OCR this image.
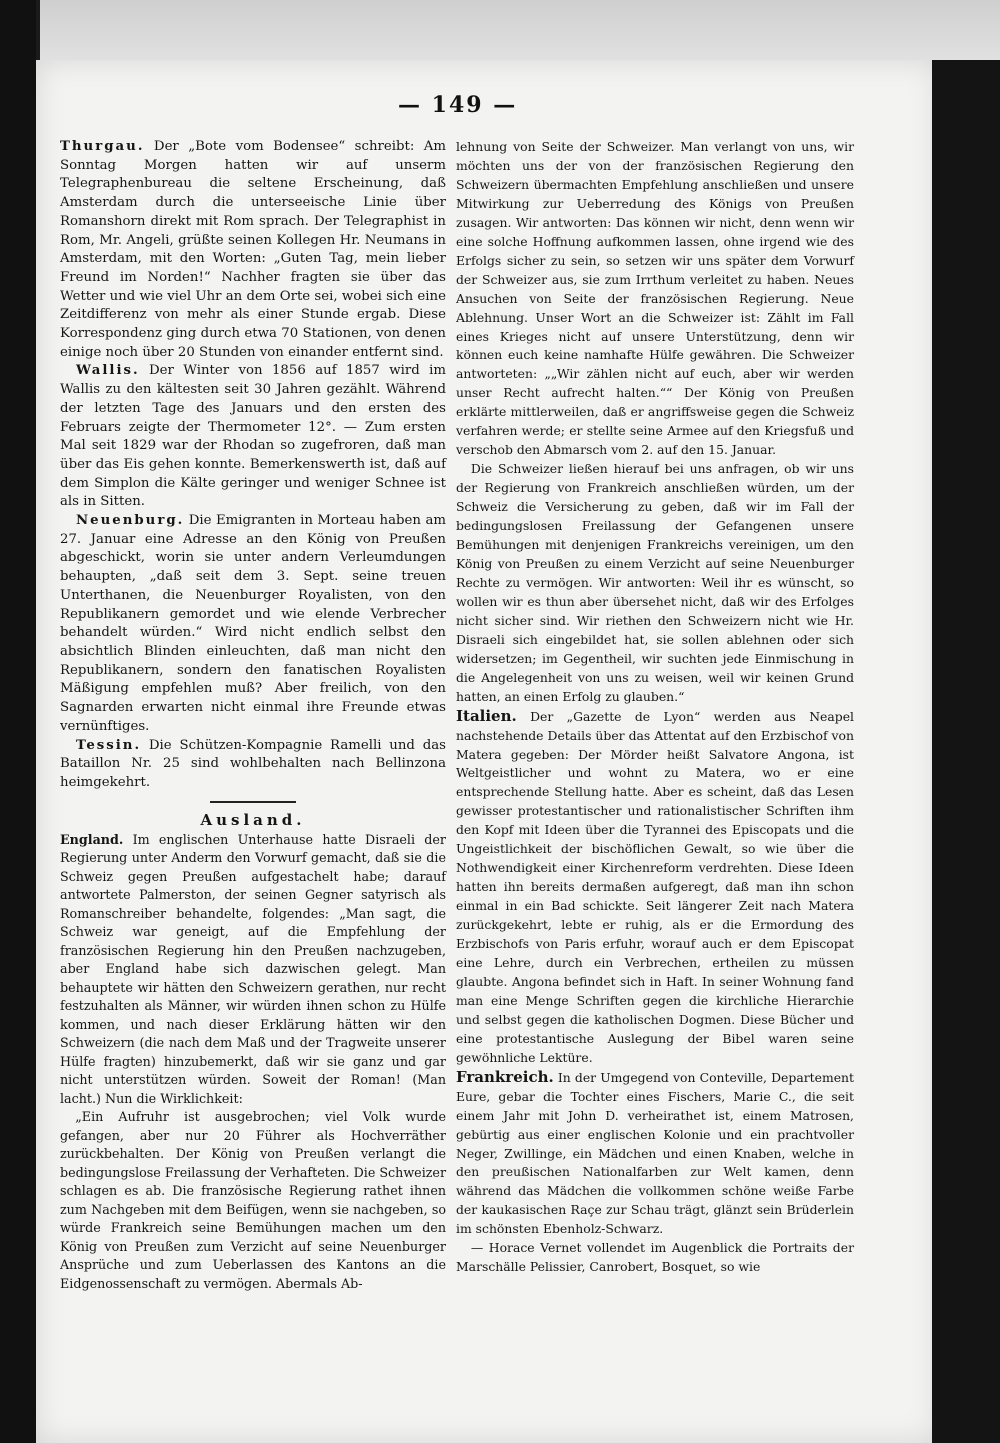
— 149 —

Thurgau. Der „Bote vom Bodensee“ schreibt: Am Sonntag Morgen hatten wir auf unserm Telegraphenbureau die seltene Erscheinung, daß Amsterdam durch die unterseeische Linie über Romanshorn direkt mit Rom sprach. Der Telegraphist in Rom, Mr. Angeli, grüßte seinen Kollegen Hr. Neumans in Amsterdam, mit den Worten: „Guten Tag, mein lieber Freund im Norden!“ Nachher fragten sie über das Wetter und wie viel Uhr an dem Orte sei, wobei sich eine Zeitdifferenz von mehr als einer Stunde ergab. Diese Korrespondenz ging durch etwa 70 Stationen, von denen einige noch über 20 Stunden von einander entfernt sind.

Wallis. Der Winter von 1856 auf 1857 wird im Wallis zu den kältesten seit 30 Jahren gezählt. Während der letzten Tage des Januars und den ersten des Februars zeigte der Thermometer 12°. — Zum ersten Mal seit 1829 war der Rhodan so zugefroren, daß man über das Eis gehen konnte. Bemerkenswerth ist, daß auf dem Simplon die Kälte geringer und weniger Schnee ist als in Sitten.

Neuenburg. Die Emigranten in Morteau haben am 27. Januar eine Adresse an den König von Preußen abgeschickt, worin sie unter andern Verleumdungen behaupten, „daß seit dem 3. Sept. seine treuen Unterthanen, die Neuenburger Royalisten, von den Republikanern gemordet und wie elende Verbrecher behandelt würden.“ Wird nicht endlich selbst den absichtlich Blinden einleuchten, daß man nicht den Republikanern, sondern den fanatischen Royalisten Mäßigung empfehlen muß? Aber freilich, von den Sagnarden erwarten nicht einmal ihre Freunde etwas vernünftiges.

Tessin. Die Schützen-Kompagnie Ramelli und das Bataillon Nr. 25 sind wohlbehalten nach Bellinzona heimgekehrt.

Ausland.

England. Im englischen Unterhause hatte Disraeli der Regierung unter Anderm den Vorwurf gemacht, daß sie die Schweiz gegen Preußen aufgestachelt habe; darauf antwortete Palmerston, der seinen Gegner satyrisch als Romanschreiber behandelte, folgendes: „Man sagt, die Schweiz war geneigt, auf die Empfehlung der französischen Regierung hin den Preußen nachzugeben, aber England habe sich dazwischen gelegt. Man behauptete wir hätten den Schweizern gerathen, nur recht festzuhalten als Männer, wir würden ihnen schon zu Hülfe kommen, und nach dieser Erklärung hätten wir den Schweizern (die nach dem Maß und der Tragweite unserer Hülfe fragten) hinzubemerkt, daß wir sie ganz und gar nicht unterstützen würden. Soweit der Roman! (Man lacht.) Nun die Wirklichkeit:

„Ein Aufruhr ist ausgebrochen; viel Volk wurde gefangen, aber nur 20 Führer als Hochverräther zurückbehalten. Der König von Preußen verlangt die bedingungslose Freilassung der Verhafteten. Die Schweizer schlagen es ab. Die französische Regierung rathet ihnen zum Nachgeben mit dem Beifügen, wenn sie nachgeben, so würde Frankreich seine Bemühungen machen um den König von Preußen zum Verzicht auf seine Neuenburger Ansprüche und zum Ueberlassen des Kantons an die Eidgenossenschaft zu vermögen. Abermals Ab-

lehnung von Seite der Schweizer. Man verlangt von uns, wir möchten uns der von der französischen Regierung den Schweizern übermachten Empfehlung anschließen und unsere Mitwirkung zur Ueberredung des Königs von Preußen zusagen. Wir antworten: Das können wir nicht, denn wenn wir eine solche Hoffnung aufkommen lassen, ohne irgend wie des Erfolgs sicher zu sein, so setzen wir uns später dem Vorwurf der Schweizer aus, sie zum Irrthum verleitet zu haben. Neues Ansuchen von Seite der französischen Regierung. Neue Ablehnung. Unser Wort an die Schweizer ist: Zählt im Fall eines Krieges nicht auf unsere Unterstützung, denn wir können euch keine namhafte Hülfe gewähren. Die Schweizer antworteten: „„Wir zählen nicht auf euch, aber wir werden unser Recht aufrecht halten.““ Der König von Preußen erklärte mittlerweilen, daß er angriffsweise gegen die Schweiz verfahren werde; er stellte seine Armee auf den Kriegsfuß und verschob den Abmarsch vom 2. auf den 15. Januar.

Die Schweizer ließen hierauf bei uns anfragen, ob wir uns der Regierung von Frankreich anschließen würden, um der Schweiz die Versicherung zu geben, daß wir im Fall der bedingungslosen Freilassung der Gefangenen unsere Bemühungen mit denjenigen Frankreichs vereinigen, um den König von Preußen zu einem Verzicht auf seine Neuenburger Rechte zu vermögen. Wir antworten: Weil ihr es wünscht, so wollen wir es thun aber übersehet nicht, daß wir des Erfolges nicht sicher sind. Wir riethen den Schweizern nicht wie Hr. Disraeli sich eingebildet hat, sie sollen ablehnen oder sich widersetzen; im Gegentheil, wir suchten jede Einmischung in die Angelegenheit von uns zu weisen, weil wir keinen Grund hatten, an einen Erfolg zu glauben.“

Italien. Der „Gazette de Lyon“ werden aus Neapel nachstehende Details über das Attentat auf den Erzbischof von Matera gegeben: Der Mörder heißt Salvatore Angona, ist Weltgeistlicher und wohnt zu Matera, wo er eine entsprechende Stellung hatte. Aber es scheint, daß das Lesen gewisser protestantischer und rationalistischer Schriften ihm den Kopf mit Ideen über die Tyrannei des Episcopats und die Ungeistlichkeit der bischöflichen Gewalt, so wie über die Nothwendigkeit einer Kirchenreform verdrehten. Diese Ideen hatten ihn bereits dermaßen aufgeregt, daß man ihn schon einmal in ein Bad schickte. Seit längerer Zeit nach Matera zurückgekehrt, lebte er ruhig, als er die Ermordung des Erzbischofs von Paris erfuhr, worauf auch er dem Episcopat eine Lehre, durch ein Verbrechen, ertheilen zu müssen glaubte. Angona befindet sich in Haft. In seiner Wohnung fand man eine Menge Schriften gegen die kirchliche Hierarchie und selbst gegen die katholischen Dogmen. Diese Bücher und eine protestantische Auslegung der Bibel waren seine gewöhnliche Lektüre.

Frankreich. In der Umgegend von Conteville, Departement Eure, gebar die Tochter eines Fischers, Marie C., die seit einem Jahr mit John D. verheirathet ist, einem Matrosen, gebürtig aus einer englischen Kolonie und ein prachtvoller Neger, Zwillinge, ein Mädchen und einen Knaben, welche in den preußischen Nationalfarben zur Welt kamen, denn während das Mädchen die vollkommen schöne weiße Farbe der kaukasischen Raçe zur Schau trägt, glänzt sein Brüderlein im schönsten Ebenholz-Schwarz.

— Horace Vernet vollendet im Augenblick die Portraits der Marschälle Pelissier, Canrobert, Bosquet, so wie
